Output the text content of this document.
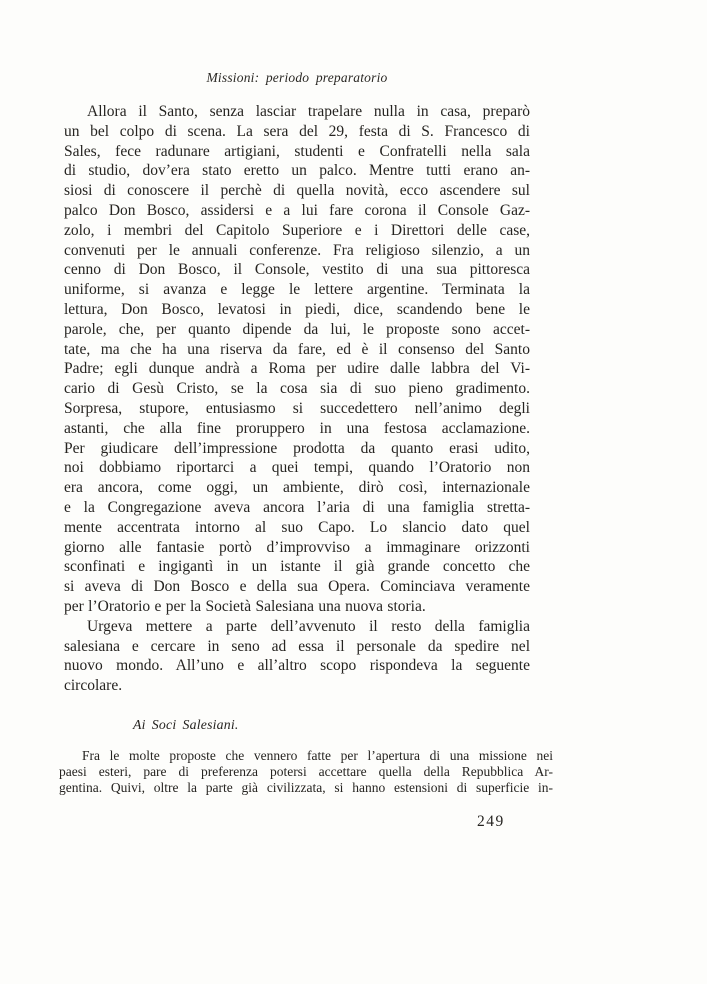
Missioni: periodo preparatorio
Allora il Santo, senza lasciar trapelare nulla in casa, preparò
un bel colpo di scena. La sera del 29, festa di S. Francesco di
Sales, fece radunare artigiani, studenti e Confratelli nella sala
di studio, dov’era stato eretto un palco. Mentre tutti erano an-
siosi di conoscere il perchè di quella novità, ecco ascendere sul
palco Don Bosco, assidersi e a lui fare corona il Console Gaz-
zolo, i membri del Capitolo Superiore e i Direttori delle case,
convenuti per le annuali conferenze. Fra religioso silenzio, a un
cenno di Don Bosco, il Console, vestito di una sua pittoresca
uniforme, si avanza e legge le lettere argentine. Terminata la
lettura, Don Bosco, levatosi in piedi, dice, scandendo bene le
parole, che, per quanto dipende da lui, le proposte sono accet-
tate, ma che ha una riserva da fare, ed è il consenso del Santo
Padre; egli dunque andrà a Roma per udire dalle labbra del Vi-
cario di Gesù Cristo, se la cosa sia di suo pieno gradimento.
Sorpresa, stupore, entusiasmo si succedettero nell’animo degli
astanti, che alla fine proruppero in una festosa acclamazione.
Per giudicare dell’impressione prodotta da quanto erasi udito,
noi dobbiamo riportarci a quei tempi, quando l’Oratorio non
era ancora, come oggi, un ambiente, dirò così, internazionale
e la Congregazione aveva ancora l’aria di una famiglia stretta-
mente accentrata intorno al suo Capo. Lo slancio dato quel
giorno alle fantasie portò d’improvviso a immaginare orizzonti
sconfinati e ingigantì in un istante il già grande concetto che
si aveva di Don Bosco e della sua Opera. Cominciava veramente
per l’Oratorio e per la Società Salesiana una nuova storia.
Urgeva mettere a parte dell’avvenuto il resto della famiglia
salesiana e cercare in seno ad essa il personale da spedire nel
nuovo mondo. All’uno e all’altro scopo rispondeva la seguente
circolare.
Ai Soci Salesiani.
Fra le molte proposte che vennero fatte per l’apertura di una missione nei
paesi esteri, pare di preferenza potersi accettare quella della Repubblica Ar-
gentina. Quivi, oltre la parte già civilizzata, si hanno estensioni di superficie in-
249
